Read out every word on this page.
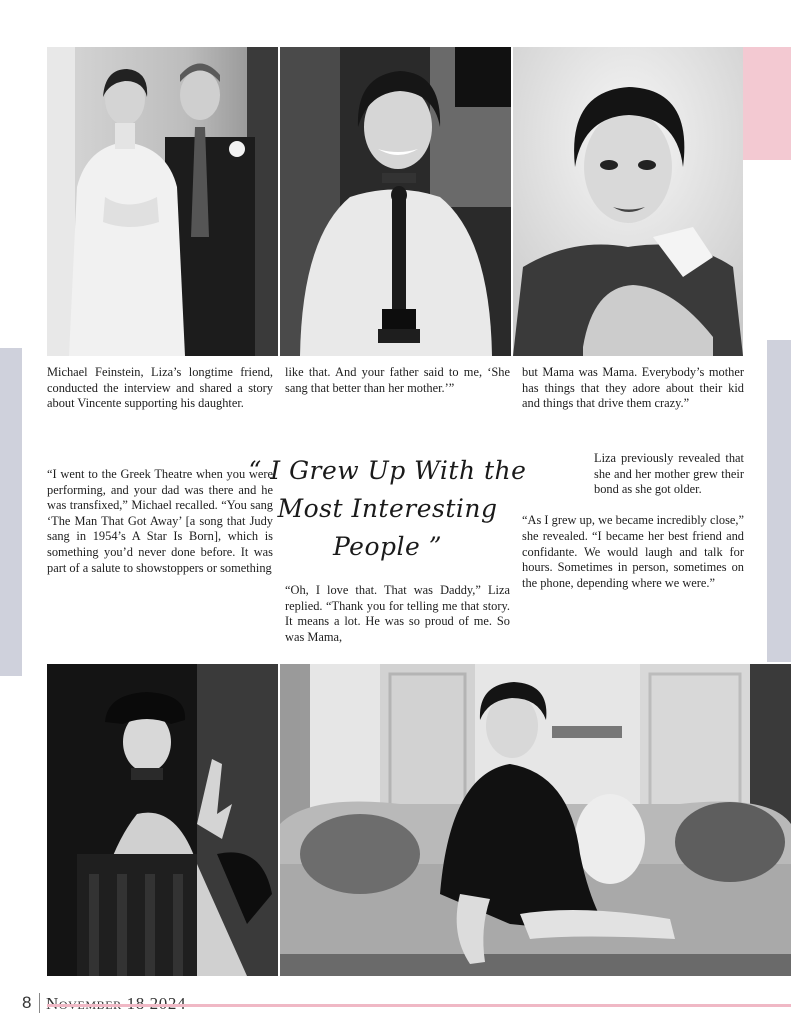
Michael Feinstein, Liza’s longtime friend, conducted the interview and shared a story about Vincente supporting his daughter.

“I went to the Greek Theatre when you were performing, and your dad was there and he was transfixed,” Michael recalled. “You sang ‘The Man That Got Away’ [a song that Judy sang in 1954’s A Star Is Born], which is something you’d never done before. It was part of a salute to showstoppers or something

like that. And your father said to me, ‘She sang that better than her mother.’”

“Oh, I love that. That was Daddy,” Liza replied. “Thank you for telling me that story. It means a lot. He was so proud of me. So was Mama,

but Mama was Mama. Everybody’s mother has things that they adore about their kid and things that drive them crazy.”

Liza previously revealed that she and her mother grew their bond as she got older.

“As I grew up, we became incredibly close,” she revealed. “I became her best friend and confidante. We would laugh and talk for hours. Sometimes in person, sometimes on the phone, depending where we were.”

“ I Grew Up With the
Most Interesting
People ”
8
